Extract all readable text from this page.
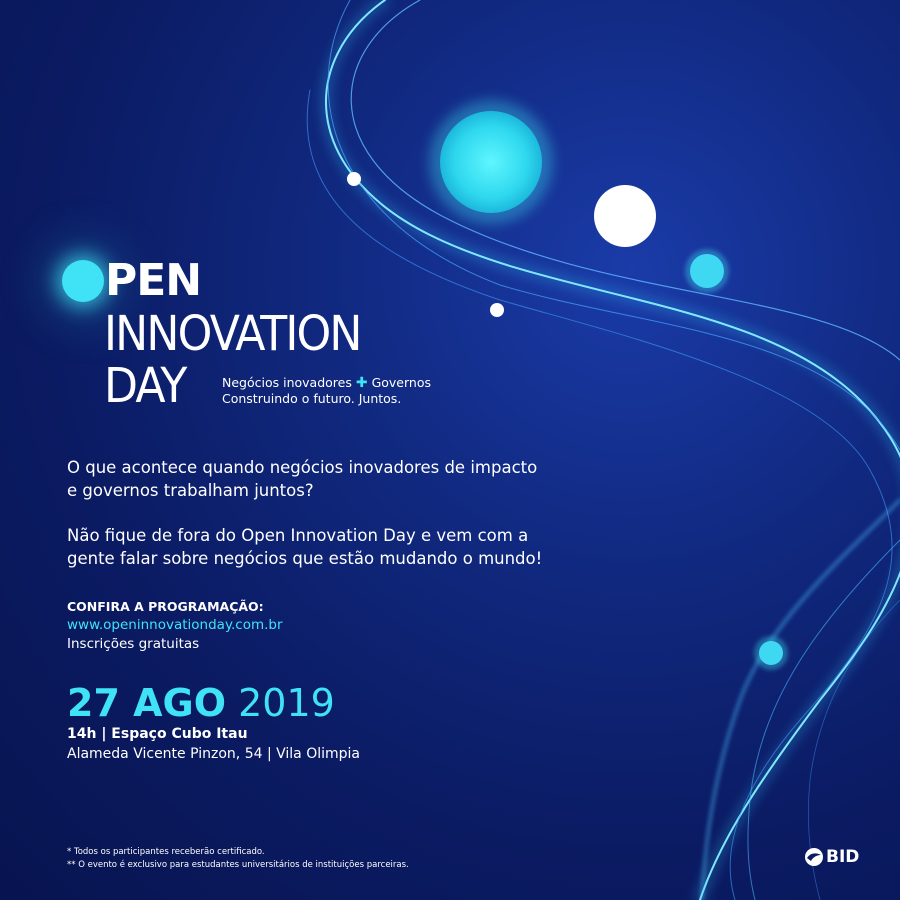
PEN
INNOVATION
DAY	Negócios inovadores ✚ Governos
Construindo o futuro. Juntos.

O que acontece quando negócios inovadores de impacto
e governos trabalham juntos?

Não fique de fora do Open Innovation Day e vem com a
gente falar sobre negócios que estão mudando o mundo!

CONFIRA A PROGRAMAÇÃO:
www.openinnovationday.com.br
Inscrições gratuitas
27 AGO 2019
14h | Espaço Cubo Itau
Alameda Vicente Pinzon, 54 | Vila Olimpia
* Todos os participantes receberão certificado.
** O evento é exclusivo para estudantes universitários de instituições parceiras.	BID
